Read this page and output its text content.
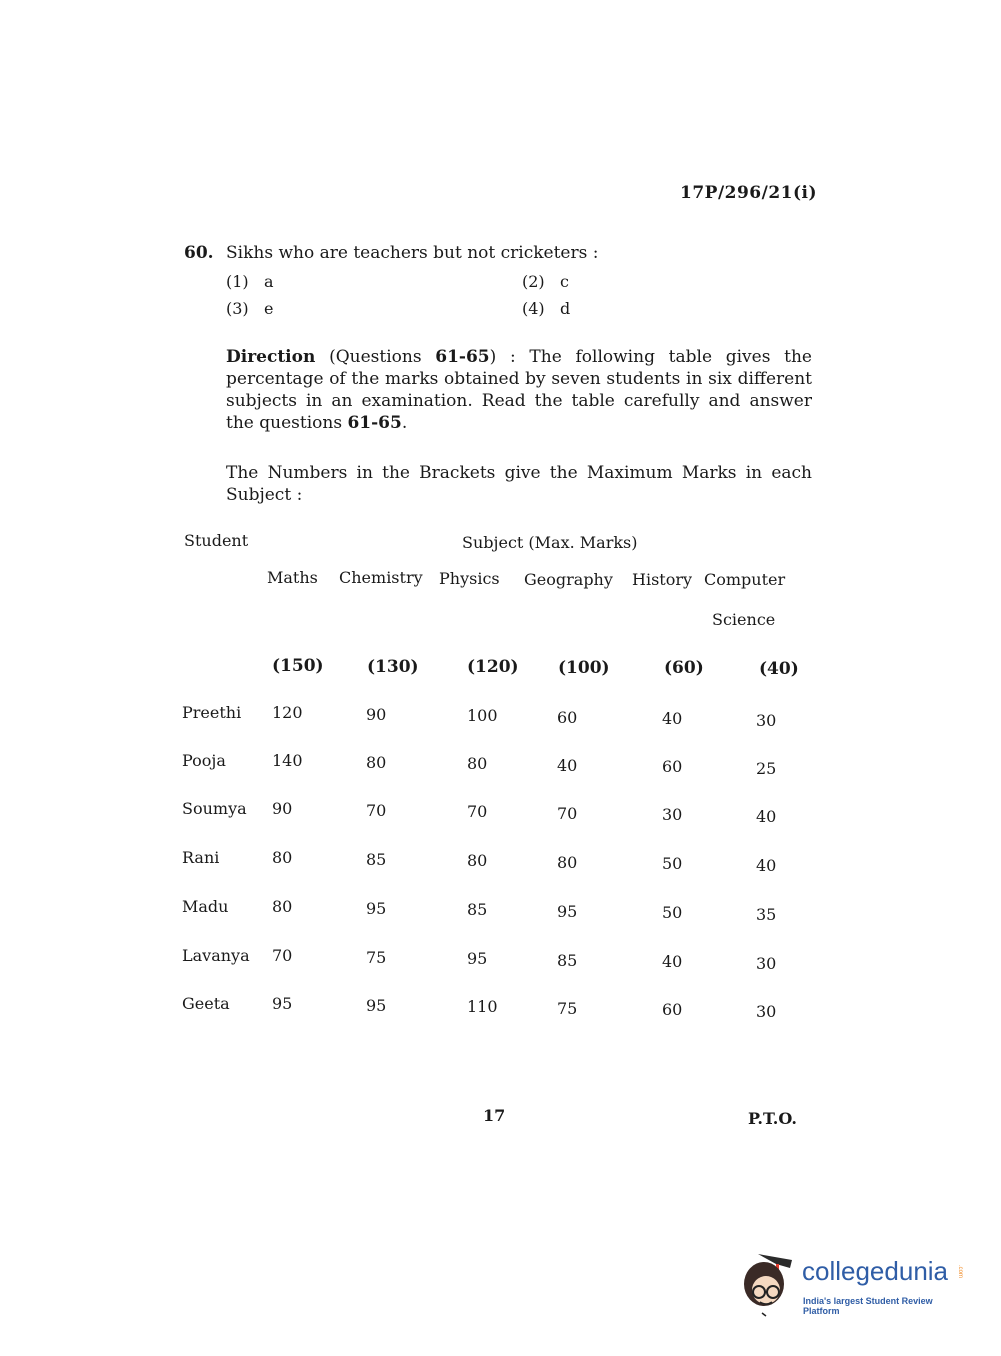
17P/296/21(i)
60. Sikhs who are teachers but not cricketers :
(1) a	(2) c
(3) e	(4) d
Direction (Questions 61-65) : The following table gives the percentage of the marks obtained by seven students in six different subjects in an examination. Read the table carefully and answer the questions 61-65.
The Numbers in the Brackets give the Maximum Marks in each Subject :
Student	Subject (Max. Marks)
Maths Chemistry Physics Geography History Computer
Science
(150)	(130)	(120) (100)	(60)	(40)
Preethi 120	90	100	60	40	30
Pooja	140	80	80	40	60	25
Soumya 90	70	70	70	30	40
Rani	80	85	80	80	50	40
Madu	80	95	85	95	50	35
Lavanya 70	75	95	85	40	30
Geeta	95	95	110	75	60	30
17	P.T.O.
collegedunia .com
India's largest Student Review Platform
